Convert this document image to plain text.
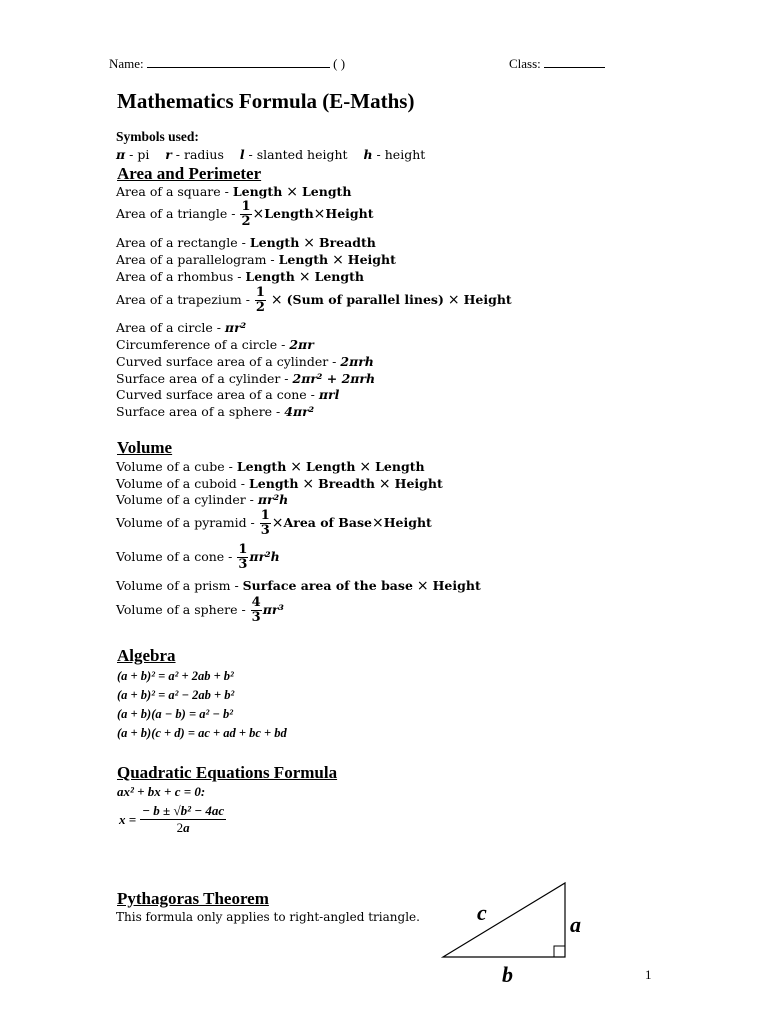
Name:	( )	Class:
Mathematics Formula (E-Maths)
Symbols used:
π - pi r - radius l - slanted height h - height
Area and Perimeter
Area of a square - Length × Length
Area of a triangle - $\frac{1}{2}$ ×Length×Height
Area of a rectangle - Length × Breadth
Area of a parallelogram - Length × Height
Area of a rhombus - Length × Length
Area of a trapezium - $\frac{1}{2} \times (Sum$ of parallel lines) × Height
Area of a circle - πr²
Circumference of a circle - 2πr
Curved surface area of a cylinder - 2πrh
Surface area of a cylinder - 2πr² + 2πrh
Curved surface area of a cone - πrl
Surface area of a sphere - 4πr²
Volume
Volume of a cube - Length × Length × Length
Volume of a cuboid - Length × Breadth × Height
Volume of a cylinder - πr²h
Volume of a pyramid - $\frac{1}{3}$ ×Area of Base×Height
Volume of a cone - $\frac{1}{3} \pi r^2h$
Volume of a prism - Surface area of the base × Height
Volume of a sphere - $\frac{4}{3} \pi r^3$
Algebra
(a + b)² = a² + 2ab + b²
(a + b)² = a² − 2ab + b²
(a + b)(a − b) = a² − b²
(a + b)(c + d) = ac + ad + bc + bd
Quadratic Equations Formula
ax² + bx + c = 0:
$x = \frac{\text{− b ± √b² − 4ac}}{2a}$
Pythagoras Theorem
This formula only applies to right-angled triangle.	c	a
b	1
